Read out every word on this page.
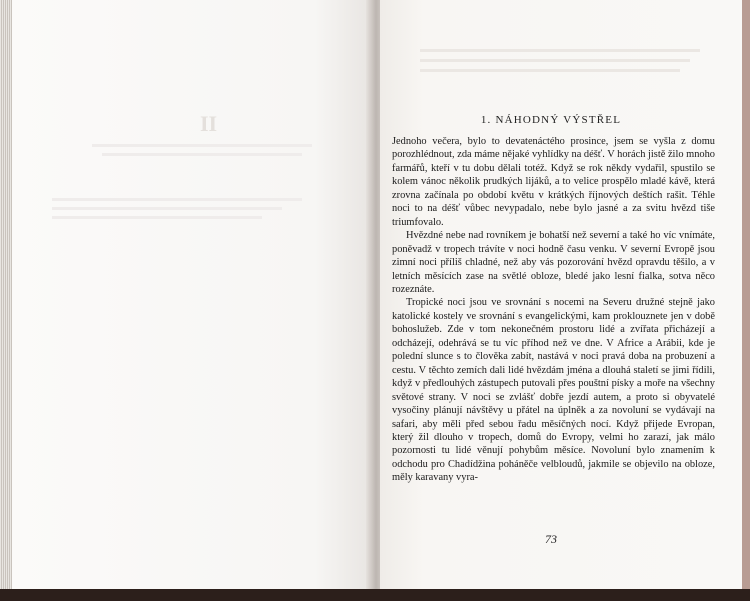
II	1. NÁHODNÝ VÝSTŘEL

Jednoho večera, bylo to devatenáctého prosince, jsem se vyšla z domu porozhlédnout, zda máme nějaké vyhlídky na déšť. V horách jistě žilo mnoho farmářů, kteří v tu dobu dělali totéž. Když se rok někdy vydařil, spustilo se kolem vánoc několik prudkých lijáků, a to velice prospělo mladé kávě, která zrovna začínala po období květu v krátkých říjnových deštích rašit. Téhle noci to na déšť vůbec nevypadalo, nebe bylo jasné a za svitu hvězd tiše triumfovalo.

Hvězdné nebe nad rovníkem je bohatší než severní a také ho víc vnímáte, poněvadž v tropech trávíte v noci hodně času venku. V severní Evropě jsou zimní noci příliš chladné, než aby vás pozorování hvězd opravdu těšilo, a v letních měsících zase na světlé obloze, bledé jako lesní fialka, sotva něco rozeznáte.

Tropické noci jsou ve srovnání s nocemi na Severu družné stejně jako katolické kostely ve srovnání s evangelickými, kam proklouznete jen v době bohoslužeb. Zde v tom nekonečném prostoru lidé a zvířata přicházejí a odcházejí, odehrává se tu víc příhod než ve dne. V Africe a Arábii, kde je polední slunce s to člověka zabít, nastává v noci pravá doba na probuzení a cestu. V těchto zemích dali lidé hvězdám jména a dlouhá staletí se jimi řídili, když v předlouhých zástupech putovali přes pouštní písky a moře na všechny světové strany. V noci se zvlášť dobře jezdí autem, a proto si obyvatelé vysočiny plánují návštěvy u přátel na úplněk a za novoluní se vydávají na safari, aby měli před sebou řadu měsíčných nocí. Když přijede Evropan, který žil dlouho v tropech, domů do Evropy, velmi ho zarazí, jak málo pozornosti tu lidé věnují pohybům měsíce. Novoluní bylo znamením k odchodu pro Chadídžina poháněče velbloudů, jakmile se objevilo na obloze, měly karavany vyra-

73
